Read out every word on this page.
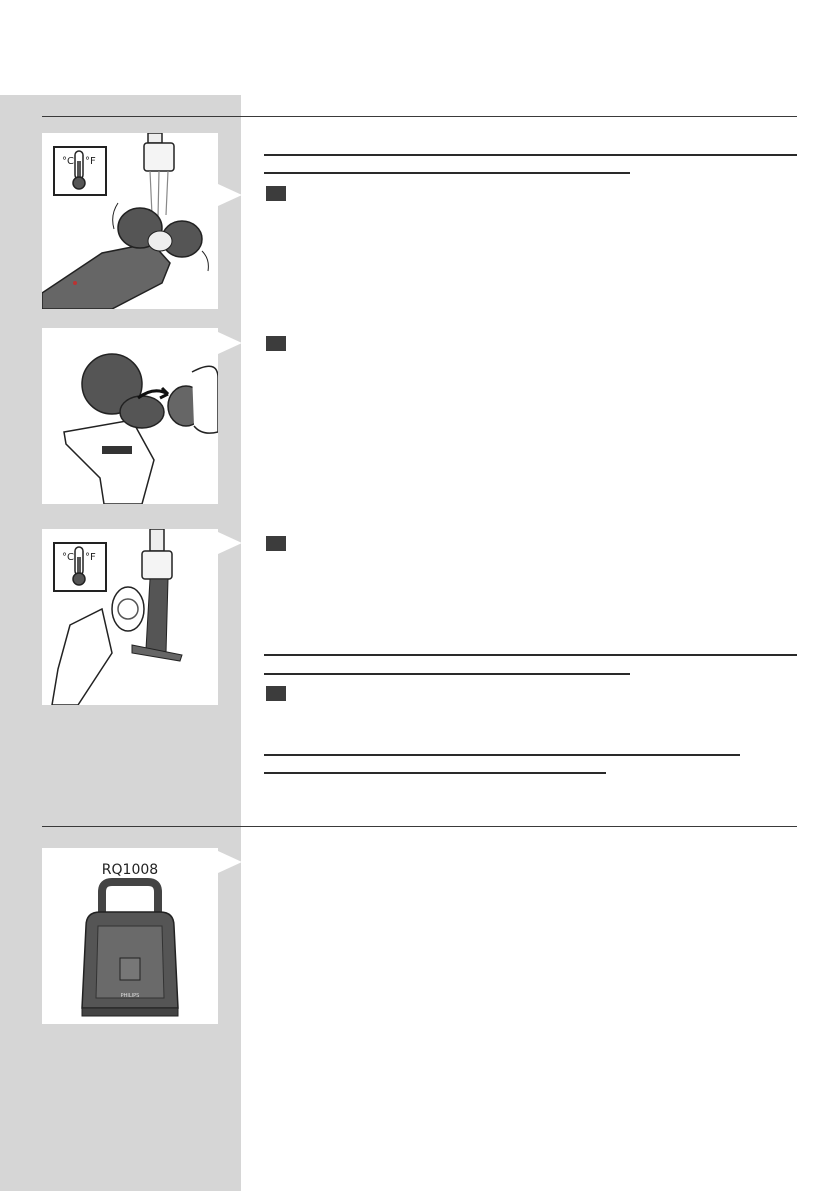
°C °F
°C °F
RQ1008
PHILIPS
